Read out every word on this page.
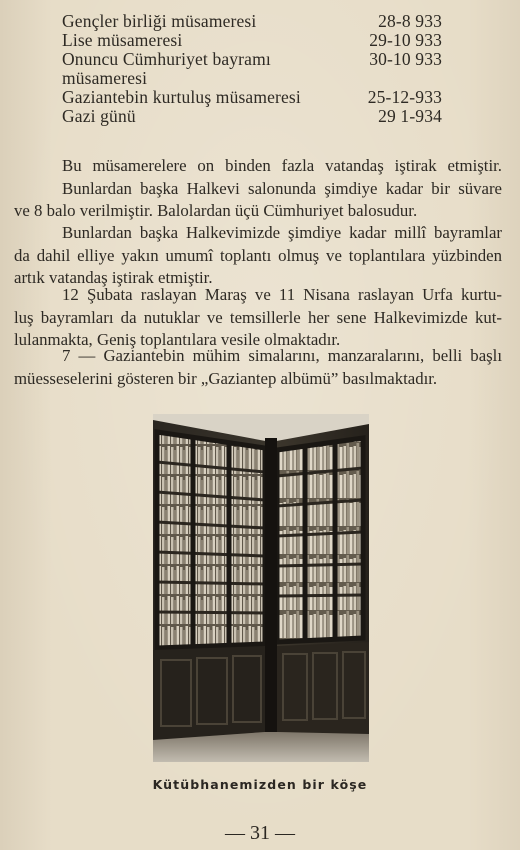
Gençler birliği müsameresi	28-8 933
Lise müsameresi	29-10 933
Onuncu Cümhuriyet bayramı	30-10 933
müsameresi
Gaziantebin kurtuluş müsameresi	25-12-933
Gazi günü	29 1-934

Bu müsamerelere on binden fazla vatandaş iştirak etmiştir.
Bunlardan başka Halkevi salonunda şimdiye kadar bir süvare
ve 8 balo verilmiştir. Balolardan üçü Cümhuriyet balosudur.

Bunlardan başka Halkevimizde şimdiye kadar millî bayramlar
da dahil elliye yakın umumî toplantı olmuş ve toplantılara yüzbinden
artık vatandaş iştirak etmiştir.

12 Şubata raslayan Maraş ve 11 Nisana raslayan Urfa kurtu-
luş bayramları da nutuklar ve temsillerle her sene Halkevimizde kut-
lulanmakta, Geniş toplantılara vesile olmaktadır.

7 — Gaziantebin mühim simalarını, manzaralarını, belli başlı
müesseselerini gösteren bir „Gaziantep albümü” basılmaktadır.

Kütübhanemizden bir köşe
— 31 —
